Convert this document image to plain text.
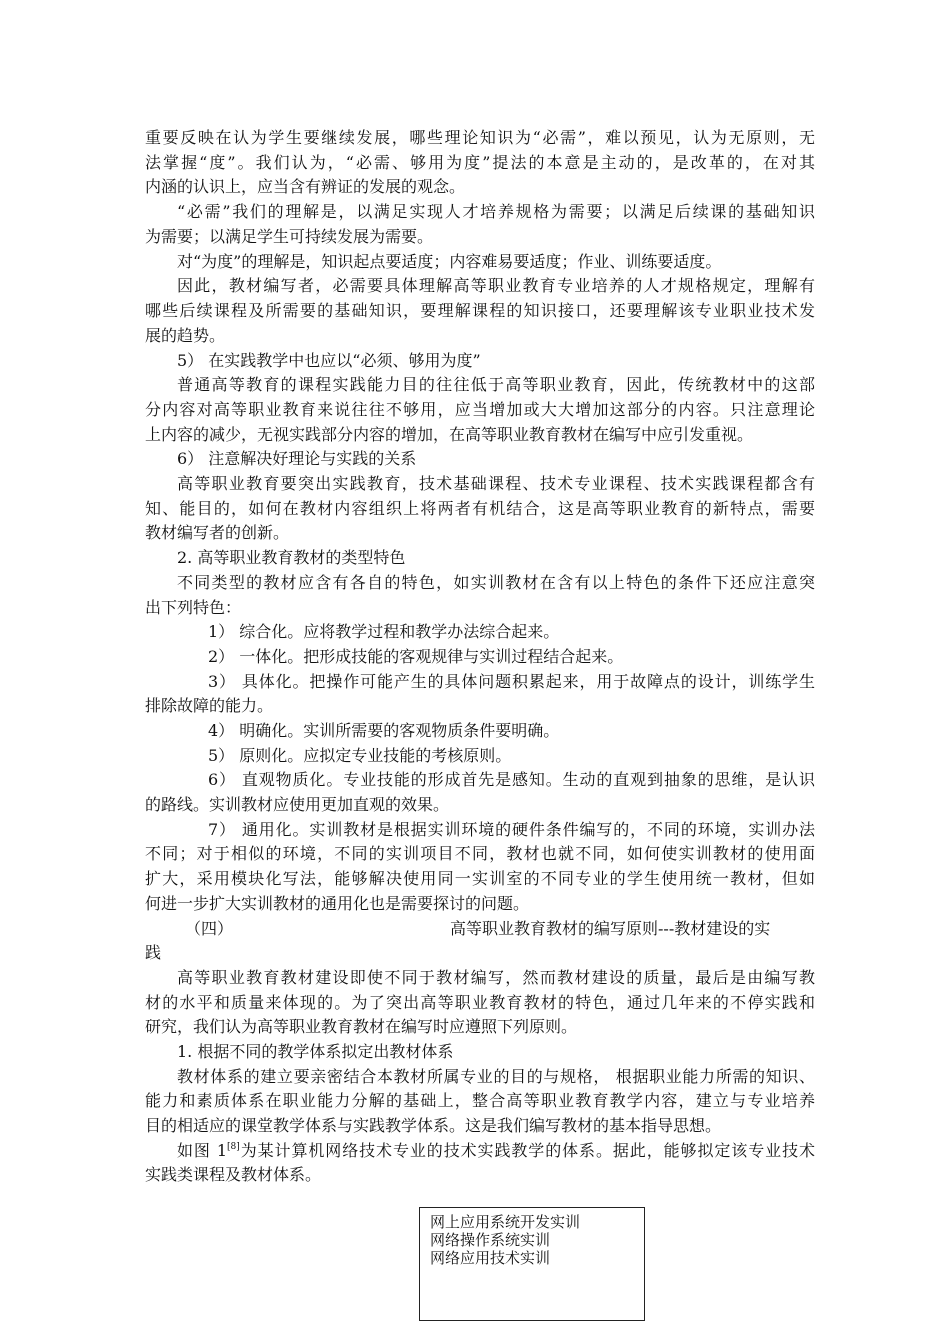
重要反映在认为学生要继续发展，哪些理论知识为“必需”，难以预见，认为无原则，无
法掌握“度”。我们认为，“必需、够用为度”提法的本意是主动的，是改革的，在对其
内涵的认识上，应当含有辨证的发展的观念。
“必需”我们的理解是，以满足实现人才培养规格为需要；以满足后续课的基础知识
为需要；以满足学生可持续发展为需要。
对“为度”的理解是，知识起点要适度；内容难易要适度；作业、训练要适度。
因此，教材编写者，必需要具体理解高等职业教育专业培养的人才规格规定，理解有
哪些后续课程及所需要的基础知识，要理解课程的知识接口，还要理解该专业职业技术发
展的趋势。
5） 在实践教学中也应以“必须、够用为度”
普通高等教育的课程实践能力目的往往低于高等职业教育，因此，传统教材中的这部
分内容对高等职业教育来说往往不够用，应当增加或大大增加这部分的内容。只注意理论
上内容的减少，无视实践部分内容的增加，在高等职业教育教材在编写中应引发重视。
6） 注意解决好理论与实践的关系
高等职业教育要突出实践教育，技术基础课程、技术专业课程、技术实践课程都含有
知、能目的，如何在教材内容组织上将两者有机结合，这是高等职业教育的新特点，需要
教材编写者的创新。
2. 高等职业教育教材的类型特色
不同类型的教材应含有各自的特色，如实训教材在含有以上特色的条件下还应注意突
出下列特色：
1） 综合化。应将教学过程和教学办法综合起来。
2） 一体化。把形成技能的客观规律与实训过程结合起来。
3） 具体化。把操作可能产生的具体问题积累起来，用于故障点的设计，训练学生
排除故障的能力。
4） 明确化。实训所需要的客观物质条件要明确。
5） 原则化。应拟定专业技能的考核原则。
6） 直观物质化。专业技能的形成首先是感知。生动的直观到抽象的思维，是认识
的路线。实训教材应使用更加直观的效果。
7） 通用化。实训教材是根据实训环境的硬件条件编写的，不同的环境，实训办法
不同；对于相似的环境，不同的实训项目不同，教材也就不同，如何使实训教材的使用面
扩大，采用模块化写法，能够解决使用同一实训室的不同专业的学生使用统一教材，但如
何进一步扩大实训教材的通用化也是需要探讨的问题。
（四）	高等职业教育教材的编写原则---教材建设的实
践
高等职业教育教材建设即使不同于教材编写，然而教材建设的质量，最后是由编写教
材的水平和质量来体现的。为了突出高等职业教育教材的特色，通过几年来的不停实践和
研究，我们认为高等职业教育教材在编写时应遵照下列原则。
1. 根据不同的教学体系拟定出教材体系
教材体系的建立要亲密结合本教材所属专业的目的与规格， 根据职业能力所需的知识、
能力和素质体系在职业能力分解的基础上，整合高等职业教育教学内容，建立与专业培养
目的相适应的课堂教学体系与实践教学体系。这是我们编写教材的基本指导思想。
如图 1[8]为某计算机网络技术专业的技术实践教学的体系。据此，能够拟定该专业技术
实践类课程及教材体系。
网上应用系统开发实训
网络操作系统实训
网络应用技术实训
